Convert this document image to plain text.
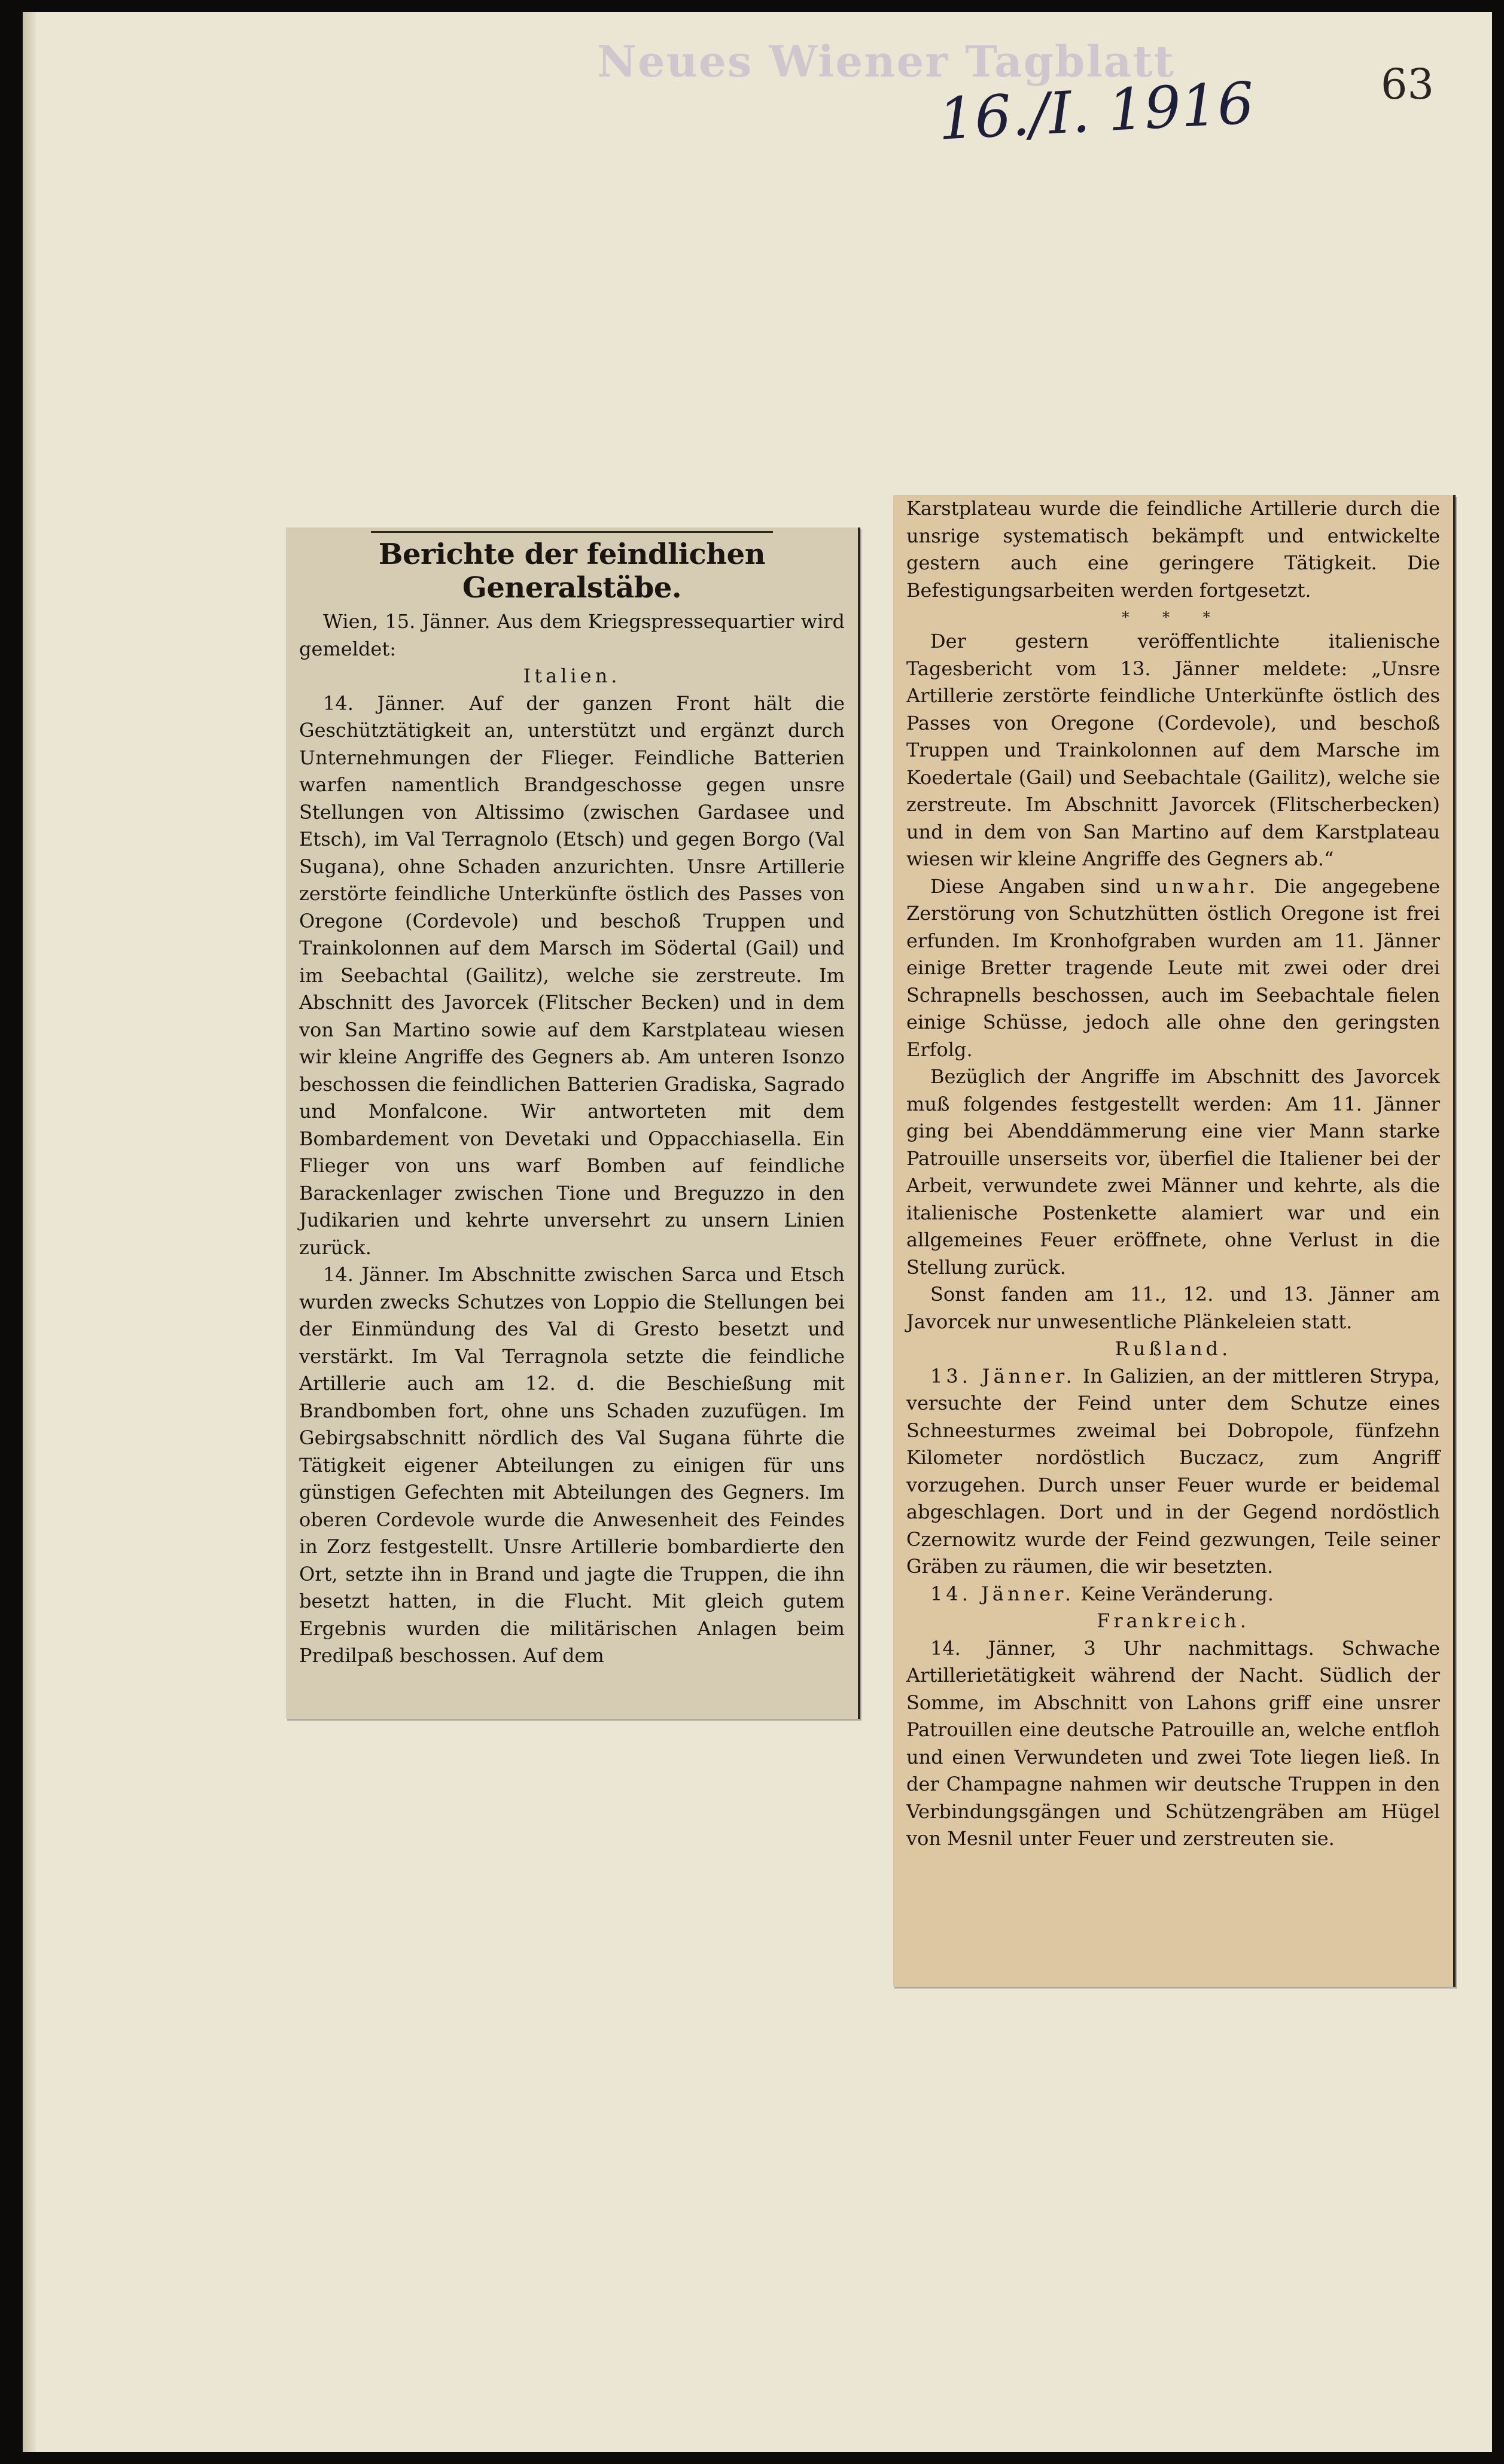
Neues Wiener Tagblatt
16./I. 1916	63
Berichte der feindlichen Generalstäbe.

Wien, 15. Jänner. Aus dem Kriegspressequartier wird gemeldet:

Italien.

14. Jänner. Auf der ganzen Front hält die Geschütztätigkeit an, unterstützt und ergänzt durch Unternehmungen der Flieger. Feindliche Batterien warfen namentlich Brandgeschosse gegen unsre Stellungen von Altissimo (zwischen Gardasee und Etsch), im Val Terragnolo (Etsch) und gegen Borgo (Val Sugana), ohne Schaden anzurichten. Unsre Artillerie zerstörte feindliche Unterkünfte östlich des Passes von Oregone (Cordevole) und beschoß Truppen und Trainkolonnen auf dem Marsch im Södertal (Gail) und im Seebachtal (Gailitz), welche sie zerstreute. Im Abschnitt des Javorcek (Flitscher Becken) und in dem von San Martino sowie auf dem Karstplateau wiesen wir kleine Angriffe des Gegners ab. Am unteren Isonzo beschossen die feindlichen Batterien Gradiska, Sagrado und Monfalcone. Wir antworteten mit dem Bombardement von Devetaki und Oppacchiasella. Ein Flieger von uns warf Bomben auf feindliche Barackenlager zwischen Tione und Breguzzo in den Judikarien und kehrte unversehrt zu unsern Linien zurück.

14. Jänner. Im Abschnitte zwischen Sarca und Etsch wurden zwecks Schutzes von Loppio die Stellungen bei der Einmündung des Val di Gresto besetzt und verstärkt. Im Val Terragnola setzte die feindliche Artillerie auch am 12. d. die Beschießung mit Brandbomben fort, ohne uns Schaden zuzufügen. Im Gebirgsabschnitt nördlich des Val Sugana führte die Tätigkeit eigener Abteilungen zu einigen für uns günstigen Gefechten mit Abteilungen des Gegners. Im oberen Cordevole wurde die Anwesenheit des Feindes in Zorz festgestellt. Unsre Artillerie bombardierte den Ort, setzte ihn in Brand und jagte die Truppen, die ihn besetzt hatten, in die Flucht. Mit gleich gutem Ergebnis wurden die militärischen Anlagen beim Predilpaß beschossen. Auf dem

Karstplateau wurde die feindliche Artillerie durch die unsrige systematisch bekämpft und entwickelte gestern auch eine geringere Tätigkeit. Die Befestigungsarbeiten werden fortgesetzt.

* * *

Der gestern veröffentlichte italienische Tagesbericht vom 13. Jänner meldete: „Unsre Artillerie zerstörte feindliche Unterkünfte östlich des Passes von Oregone (Cordevole), und beschoß Truppen und Trainkolonnen auf dem Marsche im Koedertale (Gail) und Seebachtale (Gailitz), welche sie zerstreute. Im Abschnitt Javorcek (Flitscherbecken) und in dem von San Martino auf dem Karstplateau wiesen wir kleine Angriffe des Gegners ab.“

Diese Angaben sind unwahr. Die angegebene Zerstörung von Schutzhütten östlich Oregone ist frei erfunden. Im Kronhofgraben wurden am 11. Jänner einige Bretter tragende Leute mit zwei oder drei Schrapnells beschossen, auch im Seebachtale fielen einige Schüsse, jedoch alle ohne den geringsten Erfolg.

Bezüglich der Angriffe im Abschnitt des Javorcek muß folgendes festgestellt werden: Am 11. Jänner ging bei Abenddämmerung eine vier Mann starke Patrouille unserseits vor, überfiel die Italiener bei der Arbeit, verwundete zwei Männer und kehrte, als die italienische Postenkette alamiert war und ein allgemeines Feuer eröffnete, ohne Verlust in die Stellung zurück.

Sonst fanden am 11., 12. und 13. Jänner am Javorcek nur unwesentliche Plänkeleien statt.

Rußland.

13. Jänner. In Galizien, an der mittleren Strypa, versuchte der Feind unter dem Schutze eines Schneesturmes zweimal bei Dobropole, fünfzehn Kilometer nordöstlich Buczacz, zum Angriff vorzugehen. Durch unser Feuer wurde er beidemal abgeschlagen. Dort und in der Gegend nordöstlich Czernowitz wurde der Feind gezwungen, Teile seiner Gräben zu räumen, die wir besetzten.

14. Jänner. Keine Veränderung.

Frankreich.

14. Jänner, 3 Uhr nachmittags. Schwache Artillerietätigkeit während der Nacht. Südlich der Somme, im Abschnitt von Lahons griff eine unsrer Patrouillen eine deutsche Patrouille an, welche entfloh und einen Verwundeten und zwei Tote liegen ließ. In der Champagne nahmen wir deutsche Truppen in den Verbindungsgängen und Schützengräben am Hügel von Mesnil unter Feuer und zerstreuten sie.
